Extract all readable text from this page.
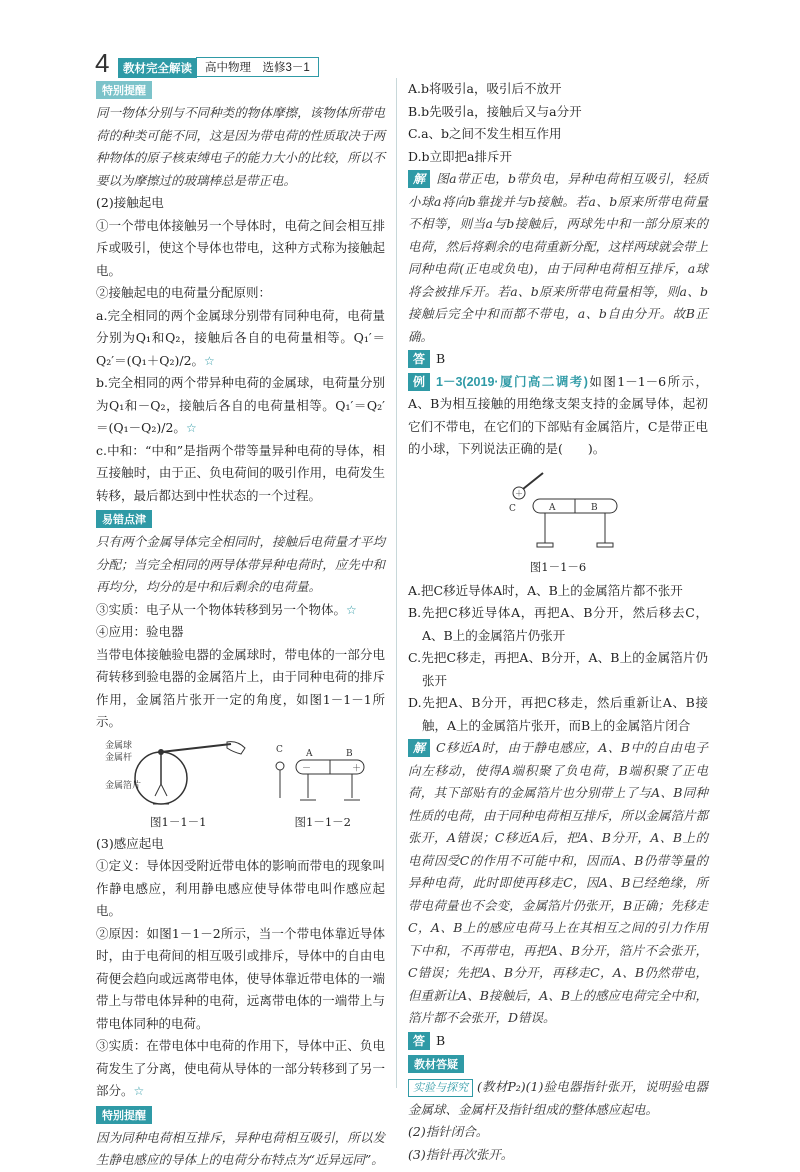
4	教材完全解读	高中物理　选修3－1
特别提醒

同一物体分别与不同种类的物体摩擦，该物体所带电荷的种类可能不同，这是因为带电荷的性质取决于两种物体的原子核束缚电子的能力大小的比较，所以不要以为摩擦过的玻璃棒总是带正电。

(2)接触起电

①一个带电体接触另一个导体时，电荷之间会相互排斥或吸引，使这个导体也带电，这种方式称为接触起电。

②接触起电的电荷量分配原则：

a.完全相同的两个金属球分别带有同种电荷，电荷量分别为Q₁和Q₂，接触后各自的电荷量相等。Q₁′＝Q₂′＝(Q₁＋Q₂)/2。☆

b.完全相同的两个带异种电荷的金属球，电荷量分别为Q₁和－Q₂，接触后各自的电荷量相等。Q₁′＝Q₂′＝(Q₁－Q₂)/2。☆

c.中和：“中和”是指两个带等量异种电荷的导体，相互接触时，由于正、负电荷间的吸引作用，电荷发生转移，最后都达到中性状态的一个过程。

易错点津

只有两个金属导体完全相同时，接触后电荷量才平均分配；当完全相同的两导体带异种电荷时，应先中和再均分，均分的是中和后剩余的电荷量。

③实质：电子从一个物体转移到另一个物体。☆

④应用：验电器

当带电体接触验电器的金属球时，带电体的一部分电荷转移到验电器的金属箔片上，由于同种电荷的排斥作用，金属箔片张开一定的角度，如图1－1－1所示。

金属球
金属杆
金属箔片
图1－1－1
C	A	B
－	＋
图1－1－2

(3)感应起电

①定义：导体因受附近带电体的影响而带电的现象叫作静电感应，利用静电感应使导体带电叫作感应起电。

②原因：如图1－1－2所示，当一个带电体靠近导体时，由于电荷间的相互吸引或排斥，导体中的自由电荷便会趋向或远离带电体，使导体靠近带电体的一端带上与带电体异种的电荷，远离带电体的一端带上与带电体同种的电荷。

③实质：在带电体中电荷的作用下，导体中正、负电荷发生了分离，使电荷从导体的一部分转移到了另一部分。☆

特别提醒

因为同种电荷相互排斥，异种电荷相互吸引，所以发生静电感应的导体上的电荷分布特点为“近异远同”。

A.b将吸引a，吸引后不放开

B.b先吸引a，接触后又与a分开

C.a、b之间不发生相互作用

D.b立即把a排斥开

解 图a带正电，b带负电，异种电荷相互吸引，轻质小球a将向b靠拢并与b接触。若a、b原来所带电荷量不相等，则当a与b接触后，两球先中和一部分原来的电荷，然后将剩余的电荷重新分配，这样两球就会带上同种电荷(正电或负电)，由于同种电荷相互排斥，a球将会被排斥开。若a、b原来所带电荷量相等，则a、b接触后完全中和而都不带电，a、b自由分开。故B正确。

答 B

例 1－3(2019·厦门高二调考)如图1－1－6所示，A、B为相互接触的用绝缘支架支持的金属导体，起初它们不带电，在它们的下部贴有金属箔片，C是带正电的小球，下列说法正确的是(　　)。

＋
C	A	B
图1－1－6

A.把C移近导体A时，A、B上的金属箔片都不张开

B.先把C移近导体A，再把A、B分开，然后移去C，A、B上的金属箔片仍张开

C.先把C移走，再把A、B分开，A、B上的金属箔片仍张开

D.先把A、B分开，再把C移走，然后重新让A、B接触，A上的金属箔片张开，而B上的金属箔片闭合

解 C移近A时，由于静电感应，A、B中的自由电子向左移动，使得A端积聚了负电荷，B端积聚了正电荷，其下部贴有的金属箔片也分别带上了与A、B同种性质的电荷，由于同种电荷相互排斥，所以金属箔片都张开，A错误；C移近A后，把A、B分开，A、B上的电荷因受C的作用不可能中和，因而A、B仍带等量的异种电荷，此时即使再移走C，因A、B已经绝缘，所带电荷量也不会变，金属箔片仍张开，B正确；先移走C，A、B上的感应电荷马上在其相互之间的引力作用下中和，不再带电，再把A、B分开，箔片不会张开，C错误；先把A、B分开，再移走C，A、B仍然带电，但重新让A、B接触后，A、B上的感应电荷完全中和，箔片都不会张开，D错误。

答 B

教材答疑

实验与探究 (教材P₂)(1)验电器指针张开，说明验电器金属球、金属杆及指针组成的整体感应起电。

(2)指针闭合。

(3)指针再次张开。
